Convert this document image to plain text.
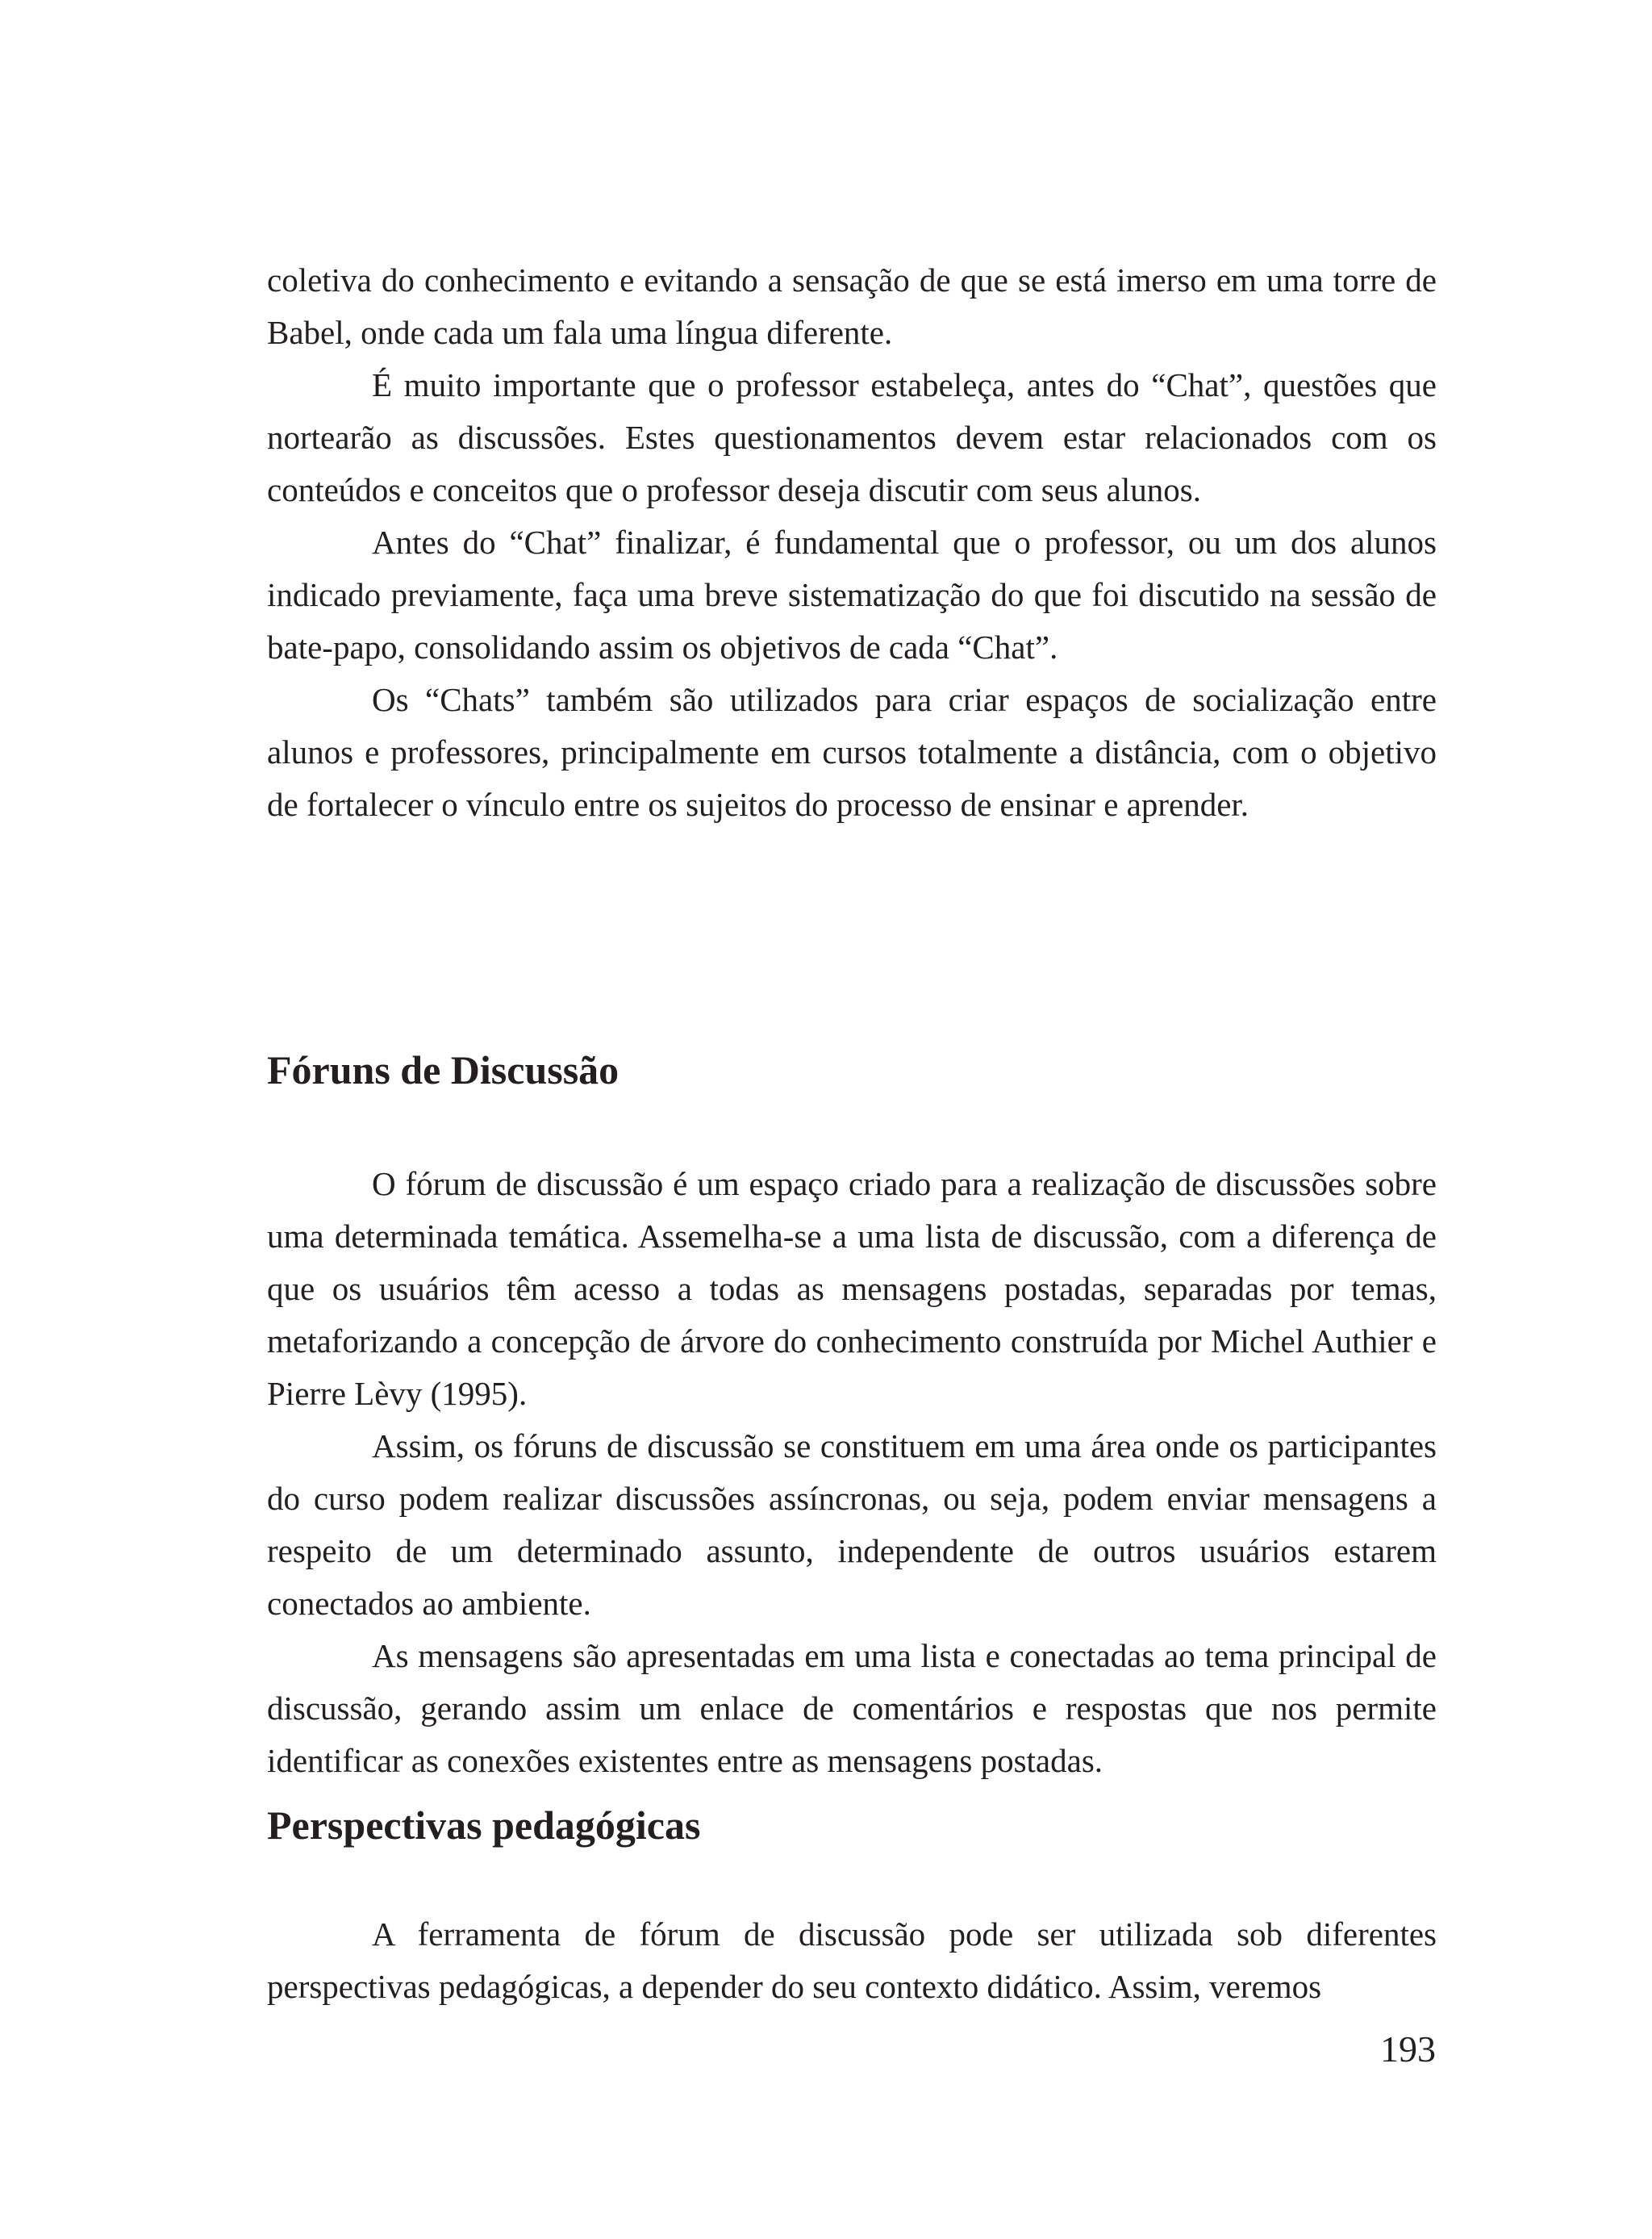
coletiva do conhecimento e evitando a sensação de que se está imerso em uma torre de Babel, onde cada um fala uma língua diferente.

É muito importante que o professor estabeleça, antes do “Chat”, questões que nortearão as discussões. Estes questionamentos devem estar relacionados com os conteúdos e conceitos que o professor deseja discutir com seus alunos.

Antes do “Chat” finalizar, é fundamental que o professor, ou um dos alunos indicado previamente, faça uma breve sistematização do que foi discutido na sessão de bate-papo, consolidando assim os objetivos de cada “Chat”.

Os “Chats” também são utilizados para criar espaços de socialização entre alunos e professores, principalmente em cursos totalmente a distância, com o objetivo de fortalecer o vínculo entre os sujeitos do processo de ensinar e aprender.

Fóruns de Discussão

O fórum de discussão é um espaço criado para a realização de discussões sobre uma determinada temática. Assemelha-se a uma lista de discussão, com a diferença de que os usuários têm acesso a todas as mensagens postadas, separadas por temas, metaforizando a concepção de árvore do conhecimento construída por Michel Authier e Pierre Lèvy (1995).

Assim, os fóruns de discussão se constituem em uma área onde os participantes do curso podem realizar discussões assíncronas, ou seja, podem enviar mensagens a respeito de um determinado assunto, independente de outros usuários estarem conectados ao ambiente.

As mensagens são apresentadas em uma lista e conectadas ao tema principal de discussão, gerando assim um enlace de comentários e respostas que nos permite identificar as conexões existentes entre as mensagens postadas.

Perspectivas pedagógicas

A ferramenta de fórum de discussão pode ser utilizada sob diferentes perspectivas pedagógicas, a depender do seu contexto didático. Assim, veremos

193
